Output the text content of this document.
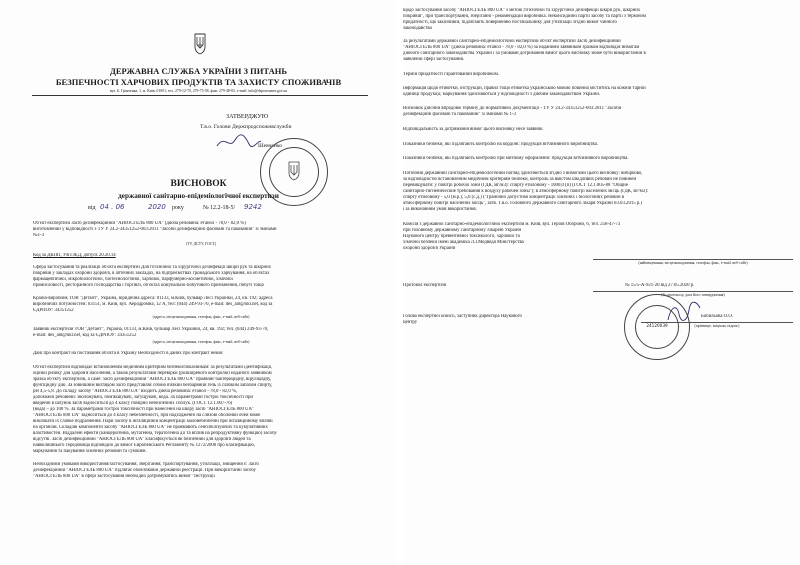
ДЕРЖАВНА СЛУЖБА УКРАЇНИ З ПИТАНЬ
БЕЗПЕЧНОСТІ ХАРЧОВИХ ПРОДУКТІВ ТА ЗАХИСТУ СПОЖИВАЧІВ
вул. Б. Грінченка, 1, м. Київ, 01001, тел. 279-12-70, 279-75-58, факс 279-48-83, e-mail: info@dsponsumer.gov.ua
ЗАТВЕРДЖУЮ
Т.в.о. Голови Держпродспоживслужби
Шевченко
ВИСНОВОК
державної санітарно-епідеміологічної експертизи
від 04 . 06	2020 року	№ 12.2-18-5/ 9242
Об'єкт експертизи Засіб дезінфекційний "АНІОСГЕЛЬ 800 UA" (діюча речовина: етанол - 78,0 - 82,0 %)
виготовлений у відповідності з ТУ У 24.2-34351252-003:2011 "Засоби дезінфекційні фасовані та пакований" зі змінами
№1-3
(ТУ, ДСТУ, ГОСТ)
Код за ДКПП, УКТЗЕД, допуск 20.20.14
Сфера застосування та реалізації об'єкта експертизи Для гігієнічної та хірургічної дезінфекції шкіри рук та шкірних
покривів у закладах охорони здоров'я, в аптечних закладах, на підприємствах громадського харчування, на об'єктах
фармацевтичної, мікробіологічної, біотехнологічної, харчової, парфумерно-косметичної, хімічної
промисловості, ресторанного господарства і торгівлі, об'єктах комунально-побутового призначення, побуті тощо
Країна-виробник ТОВ "Детант", Україна, юридична адреса: 01133, м.Київ, бульвар Лесі Українки, 24, кв. 192; адреса
виробничих потужностей: 03151, м. Київ, вул. Аеродромна, 12 А, тел: (044) 249-93-70, e-mail: des_ant@ukr.net, код за
ЄДРПОУ: 34351252
(адреса, місцезнаходження, телефон, факс, e-mail, веб-сайт)
Заявник експертизи ТОВ "Детант", Україна, 01133, м.Київ, бульвар Лесі Українки, 24, кв. 192; тел. (044) 249-93-70,
e-mail: des_ant@ukr.net, код за ЄДРПОУ: 34351252
(адреса, місцезнаходження, телефон, факс, e-mail, веб-сайт)
Дані про контракт на постачання об'єкта в Україну Необхідності в даних про контракт немає
Об'єкт експертизи відповідає встановленим медичним критеріям безпеки/показникам: за результатами ідентифікації,
оцінки ризику для здоров'я населення, а також результатами перевірки (розширеного контролю) наданого заявником
зразка об'єкту експертизи, а саме: засіб дезінфекційний "АНІОСГЕЛЬ 800 UA" проявляє бактерицидну, віруліцидну,
фунгіцидну дію. За зовнішнім виглядом засіб представляє собою в'язкий безбарвний гель із слабким запахом спирту,
рН 4,5-5,8. До складу засобу "АНІОСГЕЛЬ 800 UA" входить діюча речовина: етанол - 78,0 - 82,0 %,
допоміжні речовини: зволожувачі, пом'якшувачі, загущувачі, вода. За параметрами гострої токсичності при
введенні в шлунок засіб відноситься до 4 класу помірно небезпечних сполук. (ГОСТ 12.1.007-76)
(вода) – до 100 %. За параметрами гострої токсичності при нанесенні на шкіру засіб "АНІОСГЕЛЬ 800 UA"
"АНІОСГЕЛЬ 800 UA" відноситься до 4 класу небезпечності, при надходженні на слизові оболонки очей може
викликати їх слабке подразнення. Пари засобу в інгаляційній концентрації малонебезпечні при інгаляційному впливі
на організм. Складові компоненти засобу "АНІОСГЕЛЬ 800 UA" не проявляють сенсибілізуючих та кумулятивних
властивостей. Віддалені ефекти (канцерогенна, мутагенна, тератогенна дії та вплив на репродуктивну функцію) засобу
відсутні. Засіб дезінфекційний "АНІОСГЕЛЬ 800 UA" класифікується як безпечний для здоров'я людей та
навколишнього середовища відповідно до вимог Європейського Регламенту № 1272/2008 про класифікацію,
маркування та пакування хімічних речовин та сумішей.
Необхідними умовами використання/застосування, зберігання, транспортування, утилізації, знищення є: Засіб
дезінфекційний "АНІОСГЕЛЬ 800 UA" підлягає обов'язковій державній реєстрації. При використанні засобу
"АНІОСГЕЛЬ 800 UA" в сфері застосування необхідно дотримуватись вимог "Інструкції
щодо застосування засобу "АНІОСГЕЛЬ 800 UA" з метою гігієнічної та хірургічної дезінфекції шкіри рук, шкірних
покривів", при транспортуванні, зберіганні - рекомендацій виробника. Неконсидийні партії засобу та партії з терміном
придатності, що закінчився, підлягають поверненню постачальнику для утилізації згідно вимог чинного
законодавства
За результатами державної санітарно-епідеміологічної експертизи об'єкт експертизи Засіб дезінфекційний
"АНІОСГЕЛЬ 800 UA" (діюча речовина: етанол - 78,0 - 82,0 %) за наданими заявником зразком відповідає вимогам
діючого санітарного законодавства України і за умовами дотримання вимог цього висновку може бути використаний в
заявленій сфері застосування.
Термін придатності гарантований виробником.
Інформація щодо етикетки, інструкцій, правил тощо етикетка українською мовою повинна міститись на кожній тарній
одиниці продукції; маркування здійснюються у відповідності з діючим законодавством України.
Висновок дійсний впродовж терміну дії нормативної документації - ТУ У 24.2-34351252-003:2011 "Засоби
дезінфекційні фасовані та пакований" зі змінами № 1-3
Відповідальність за дотримання вимог цього висновку несе заявник.
Показники безпеки, які підлягають контролю на кордоні: продукція вітчизняного виробництва.
Показники безпеки, які підлягають контролю при митному оформленні: продукція вітчизняного виробництва.
Поточний державний санітарно-епідеміологічний нагляд здійснюється згідно з вимогами цього висновку: вибірково,
за відповідністю встановленим медичним критеріям безпеки, контроль за вмістом шкідливих речовин не повинен
перевищувати: у повітрі робочої зони (ГДК, мг/м3): спирту етиловому - 1000,0 (п) (ГОСТ 12.1.005-88 "Общие
санитарно-гигиенические требования к воздуху рабочей зоны"); в атмосферному повітрі населених місць (ГДК, мг/м3):
спирту етиловому - 5,0 (м.р.), 5,0 (с.д.) ("Гранично допустимі концентрації хімічних і біологічних речовин в
атмосферному повітрі населених місць", затв. Т.в.о. Головного державного санітарного лікаря України 03.03.2015 р.)
і за виконанням умов використання.
Комісія з державної санітарно-епідеміологічної експертизи м. Київ, вул. Героїв Оборони, 6, тел. 258-47-73
при головному державному санітарному лікарені України
Наукового центру превентивної токсикології, харчової та
хімічної безпеки імені академіка Л.І.Медведя Міністерства
охорони здоров'я України
(найменування, місцезнаходження, телефон, факс, e-mail, веб-сайт)
Протокол експертизи	№ 15/5-А-921-20 від 27.05.2020 р.
(№ протоколу, дата його затвердження)
Голова експертної комісії, заступник директора Наукового
центру
Бобильова О.О.
(прізвище, ініціали, підпис)
24120039
